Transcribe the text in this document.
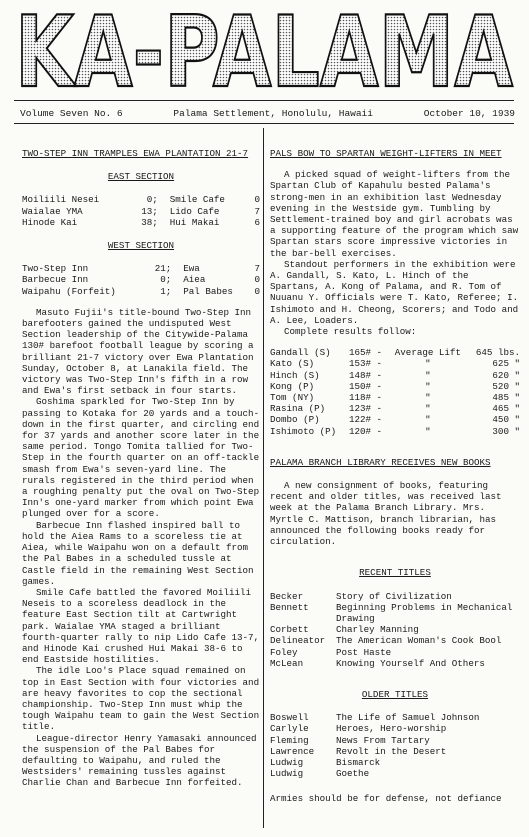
KA-PALAMA
Volume Seven No. 6	Palama Settlement, Honolulu, Hawaii	October 10, 1939
TWO-STEP INN TRAMPLES EWA PLANTATION 21-7
EAST SECTION
Moiliili Nesei	0;	Smile Cafe	0
Waialae YMA	13;	Lido Cafe	7
Hinode Kai	38;	Hui Makai	6
WEST SECTION
Two-Step Inn	21;	Ewa	7
Barbecue Inn	0;	Aiea	0
Waipahu (Forfeit)	1;	Pal Babes	0
Masuto Fujii's title-bound Two-Step Inn barefooters gained the undisputed West Section leadership of the Citywide-Palama 130# barefoot football league by scoring a brilliant 21-7 victory over Ewa Plantation Sunday, October 8, at Lanakila field. The victory was Two-Step Inn's fifth in a row and Ewa's first setback in four starts.
Goshima sparkled for Two-Step Inn by passing to Kotaka for 20 yards and a touch-down in the first quarter, and circling end for 37 yards and another score later in the same period. Tongo Tomita tallied for Two-Step in the fourth quarter on an off-tackle smash from Ewa's seven-yard line. The rurals registered in the third period when a roughing penalty put the oval on Two-Step Inn's one-yard marker from which point Ewa plunged over for a score.
Barbecue Inn flashed inspired ball to hold the Aiea Rams to a scoreless tie at Aiea, while Waipahu won on a default from the Pal Babes in a scheduled tussle at Castle field in the remaining West Section games.
Smile Cafe battled the favored Moiliili Neseis to a scoreless deadlock in the feature East Section tilt at Cartwright park. Waialae YMA staged a brilliant fourth-quarter rally to nip Lido Cafe 13-7, and Hinode Kai crushed Hui Makai 38-6 to end Eastside hostilities.
The idle Loo's Place squad remained on top in East Section with four victories and are heavy favorites to cop the sectional championship. Two-Step Inn must whip the tough Waipahu team to gain the West Section title.
League-director Henry Yamasaki announced the suspension of the Pal Babes for defaulting to Waipahu, and ruled the Westsiders' remaining tussles against Charlie Chan and Barbecue Inn forfeited.
PALS BOW TO SPARTAN WEIGHT-LIFTERS IN MEET
A picked squad of weight-lifters from the Spartan Club of Kapahulu bested Palama's strong-men in an exhibition last Wednesday evening in the Westside gym. Tumbling by Settlement-trained boy and girl acrobats was a supporting feature of the program which saw Spartan stars score impressive victories in the bar-bell exercises.
Standout performers in the exhibition were A. Gandall, S. Kato, L. Hinch of the Spartans, A. Kong of Palama, and R. Tom of Nuuanu Y. Officials were T. Kato, Referee; I. Ishimoto and H. Cheong, Scorers; and Todo and A. Lee, Loaders.
Complete results follow:
Gandall (S)	165# -	Average Lift	645 lbs.
Kato (S)	153# -	"	625 "
Hinch (S)	148# -	"	620 "
Kong (P)	150# -	"	520 "
Tom (NY)	118# -	"	485 "
Rasina (P)	123# -	"	465 "
Dombo (P)	122# -	"	450 "
Ishimoto (P)	120# -	"	300 "
PALAMA BRANCH LIBRARY RECEIVES NEW BOOKS
A new consignment of books, featuring recent and older titles, was received last week at the Palama Branch Library. Mrs. Myrtle C. Mattison, branch librarian, has announced the following books ready for circulation.
RECENT TITLES
Becker	Story of Civilization
Bennett	Beginning Problems in Mechanical Drawing
Corbett	Charley Manning
Delineator	The American Woman's Cook Bool
Foley	Post Haste
McLean	Knowing Yourself And Others
OLDER TITLES
Boswell	The Life of Samuel Johnson
Carlyle	Heroes, Hero-worship
Fleming	News From Tartary
Lawrence	Revolt in the Desert
Ludwig	Bismarck
Ludwig	Goethe
Armies should be for defense, not defiance
